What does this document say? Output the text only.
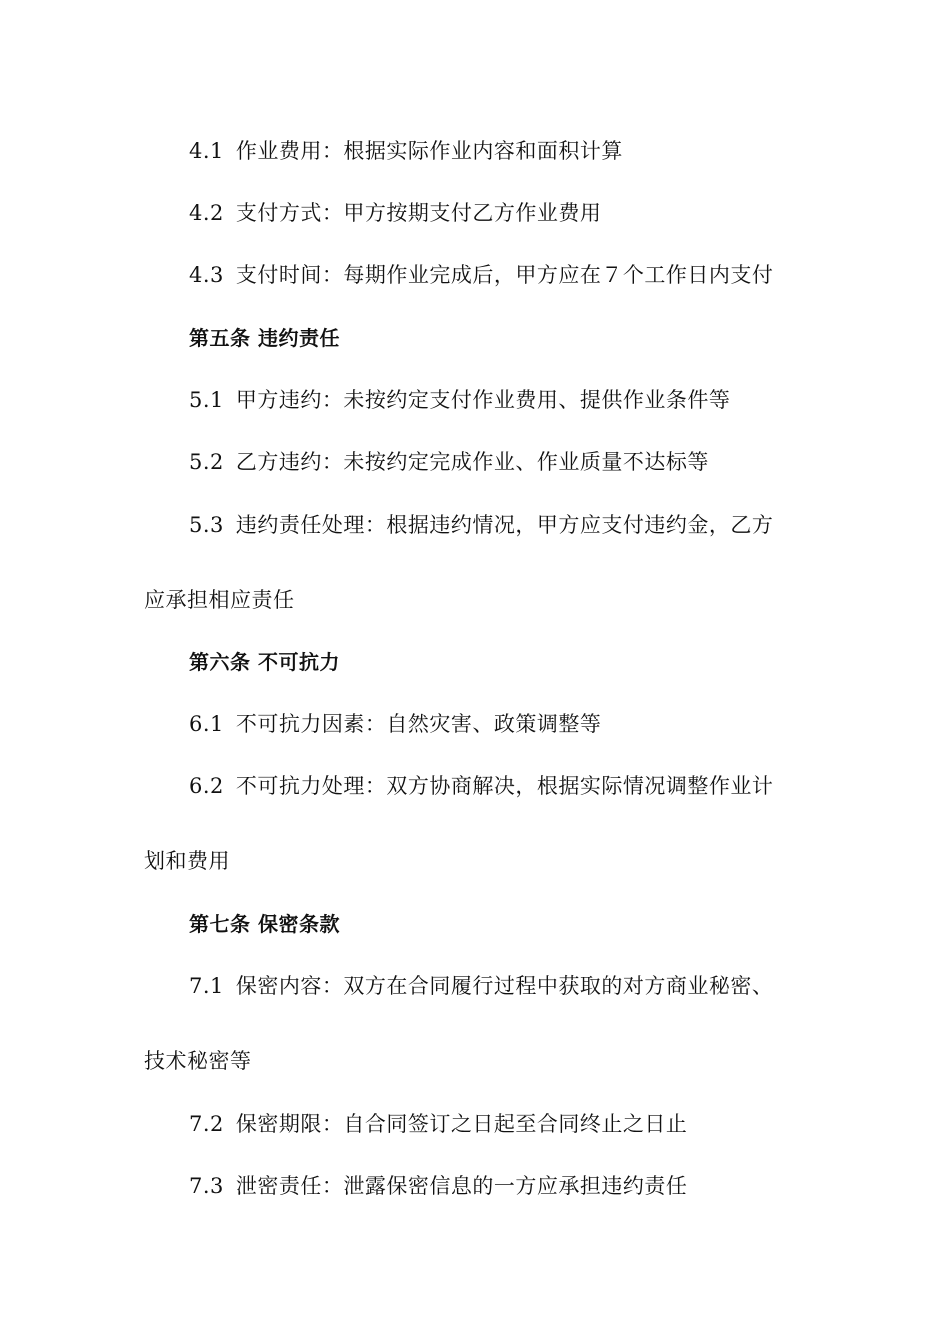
4.1 作业费用：根据实际作业内容和面积计算
4.2 支付方式：甲方按期支付乙方作业费用
4.3 支付时间：每期作业完成后，甲方应在７个工作日内支付
第五条 违约责任
5.1 甲方违约：未按约定支付作业费用、提供作业条件等
5.2 乙方违约：未按约定完成作业、作业质量不达标等
5.3 违约责任处理：根据违约情况，甲方应支付违约金，乙方
应承担相应责任
第六条 不可抗力
6.1 不可抗力因素：自然灾害、政策调整等
6.2 不可抗力处理：双方协商解决，根据实际情况调整作业计
划和费用
第七条 保密条款
7.1 保密内容：双方在合同履行过程中获取的对方商业秘密、
技术秘密等
7.2 保密期限：自合同签订之日起至合同终止之日止
7.3 泄密责任：泄露保密信息的一方应承担违约责任
